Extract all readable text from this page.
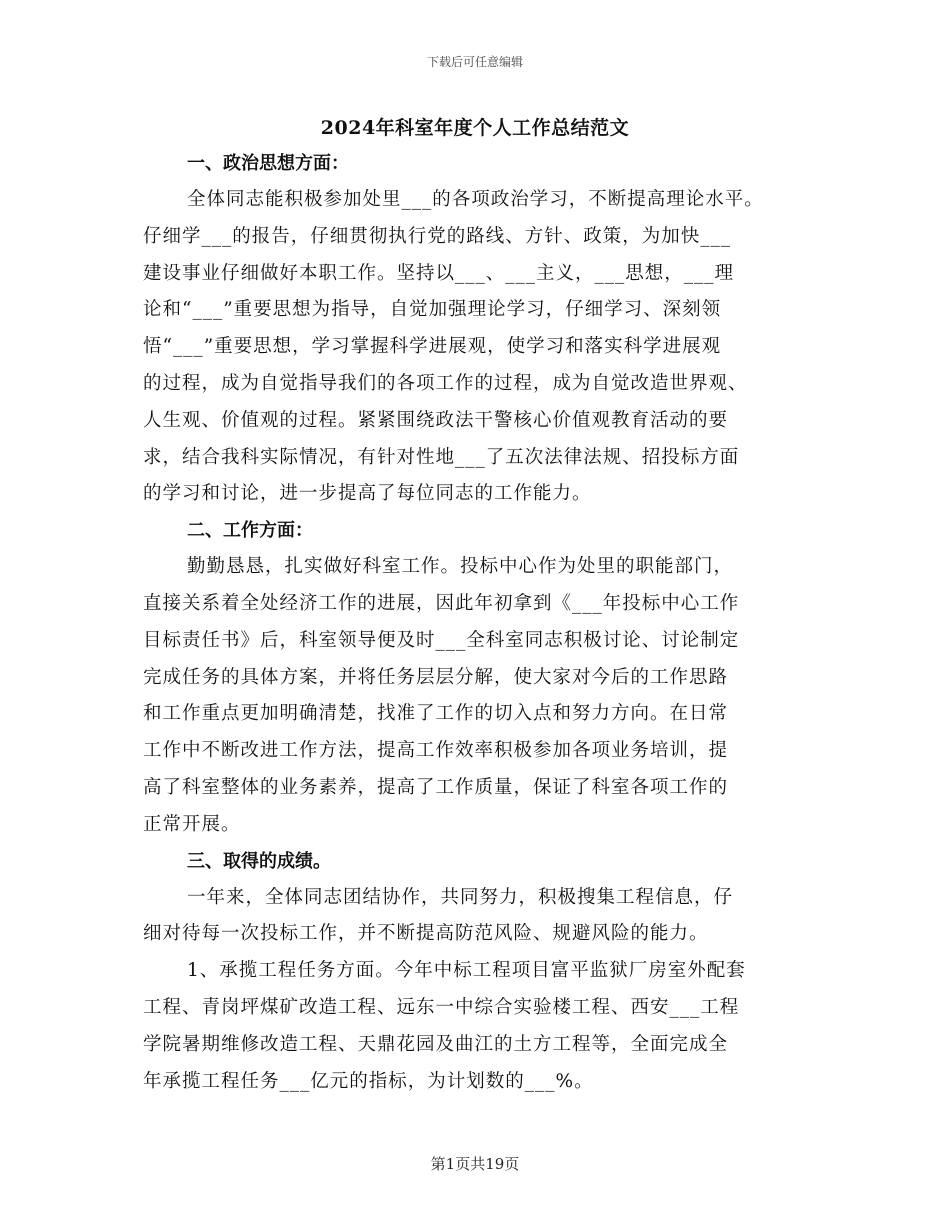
下载后可任意编辑
2024年科室年度个人工作总结范文
一、政治思想方面：
全体同志能积极参加处里___的各项政治学习，不断提高理论水平。
仔细学___的报告，仔细贯彻执行党的路线、方针、政策，为加快___
建设事业仔细做好本职工作。坚持以___、___主义，___思想，___理
论和“___”重要思想为指导，自觉加强理论学习，仔细学习、深刻领
悟“___”重要思想，学习掌握科学进展观，使学习和落实科学进展观
的过程，成为自觉指导我们的各项工作的过程，成为自觉改造世界观、
人生观、价值观的过程。紧紧围绕政法干警核心价值观教育活动的要
求，结合我科实际情况，有针对性地___了五次法律法规、招投标方面
的学习和讨论，进一步提高了每位同志的工作能力。
二、工作方面：
勤勤恳恳，扎实做好科室工作。投标中心作为处里的职能部门，
直接关系着全处经济工作的进展，因此年初拿到《___年投标中心工作
目标责任书》后，科室领导便及时___全科室同志积极讨论、讨论制定
完成任务的具体方案，并将任务层层分解，使大家对今后的工作思路
和工作重点更加明确清楚，找准了工作的切入点和努力方向。在日常
工作中不断改进工作方法，提高工作效率积极参加各项业务培训，提
高了科室整体的业务素养，提高了工作质量，保证了科室各项工作的
正常开展。
三、取得的成绩。
一年来，全体同志团结协作，共同努力，积极搜集工程信息，仔
细对待每一次投标工作，并不断提高防范风险、规避风险的能力。
1、承揽工程任务方面。今年中标工程项目富平监狱厂房室外配套
工程、青岗坪煤矿改造工程、远东一中综合实验楼工程、西安___工程
学院暑期维修改造工程、天鼎花园及曲江的土方工程等，全面完成全
年承揽工程任务___亿元的指标，为计划数的___%。
第1页共19页
